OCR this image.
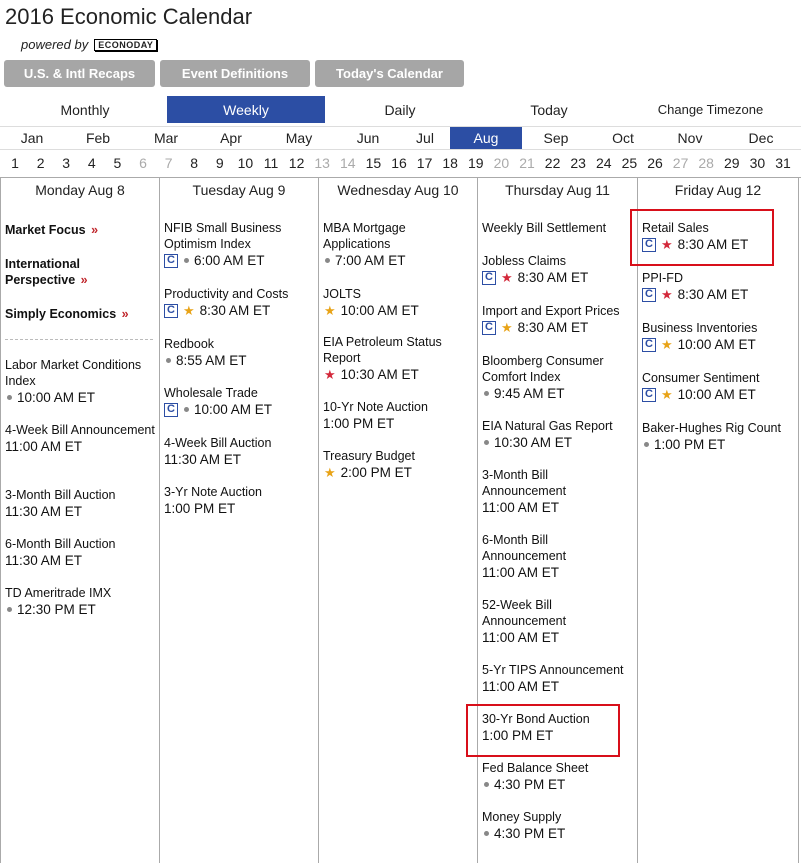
2016 Economic Calendar
powered by	ECONODAY
U.S. & Intl Recaps	Event Definitions	Today's Calendar
Monthly	Weekly	Daily	Today	Change Timezone
Jan	Feb	Mar	Apr	May	Jun	Jul	Aug	Sep	Oct	Nov	Dec
1	2	3	4	5	6	7	8	9 10 11 12 13 14 15 16 17 18 19 20 21 22 23 24 25 26 27 28 29 30 31
Monday Aug 8
Market Focus »
International Perspective »
Simply Economics »
Labor Market Conditions Index
10:00 AM ET
4-Week Bill Announcement
11:00 AM ET
3-Month Bill Auction
11:30 AM ET
6-Month Bill Auction
11:30 AM ET
TD Ameritrade IMX
12:30 PM ET
Tuesday Aug 9
NFIB Small Business Optimism Index
C 6:00 AM ET
Productivity and Costs
C ★ 8:30 AM ET
Redbook
8:55 AM ET
Wholesale Trade
C 10:00 AM ET
4-Week Bill Auction
11:30 AM ET
3-Yr Note Auction
1:00 PM ET
Wednesday Aug 10
MBA Mortgage Applications
7:00 AM ET
JOLTS
★ 10:00 AM ET
EIA Petroleum Status Report
★ 10:30 AM ET
10-Yr Note Auction
1:00 PM ET
Treasury Budget
★ 2:00 PM ET
Thursday Aug 11
Weekly Bill Settlement
Jobless Claims
C ★ 8:30 AM ET
Import and Export Prices
C ★ 8:30 AM ET
Bloomberg Consumer Comfort Index
9:45 AM ET
EIA Natural Gas Report
10:30 AM ET
3-Month Bill Announcement
11:00 AM ET
6-Month Bill Announcement
11:00 AM ET
52-Week Bill Announcement
11:00 AM ET
5-Yr TIPS Announcement
11:00 AM ET
30-Yr Bond Auction
1:00 PM ET
Fed Balance Sheet
4:30 PM ET
Money Supply
4:30 PM ET
Friday Aug 12
Retail Sales
C ★ 8:30 AM ET
PPI-FD
C ★ 8:30 AM ET
Business Inventories
C ★ 10:00 AM ET
Consumer Sentiment
C ★ 10:00 AM ET
Baker-Hughes Rig Count
1:00 PM ET
